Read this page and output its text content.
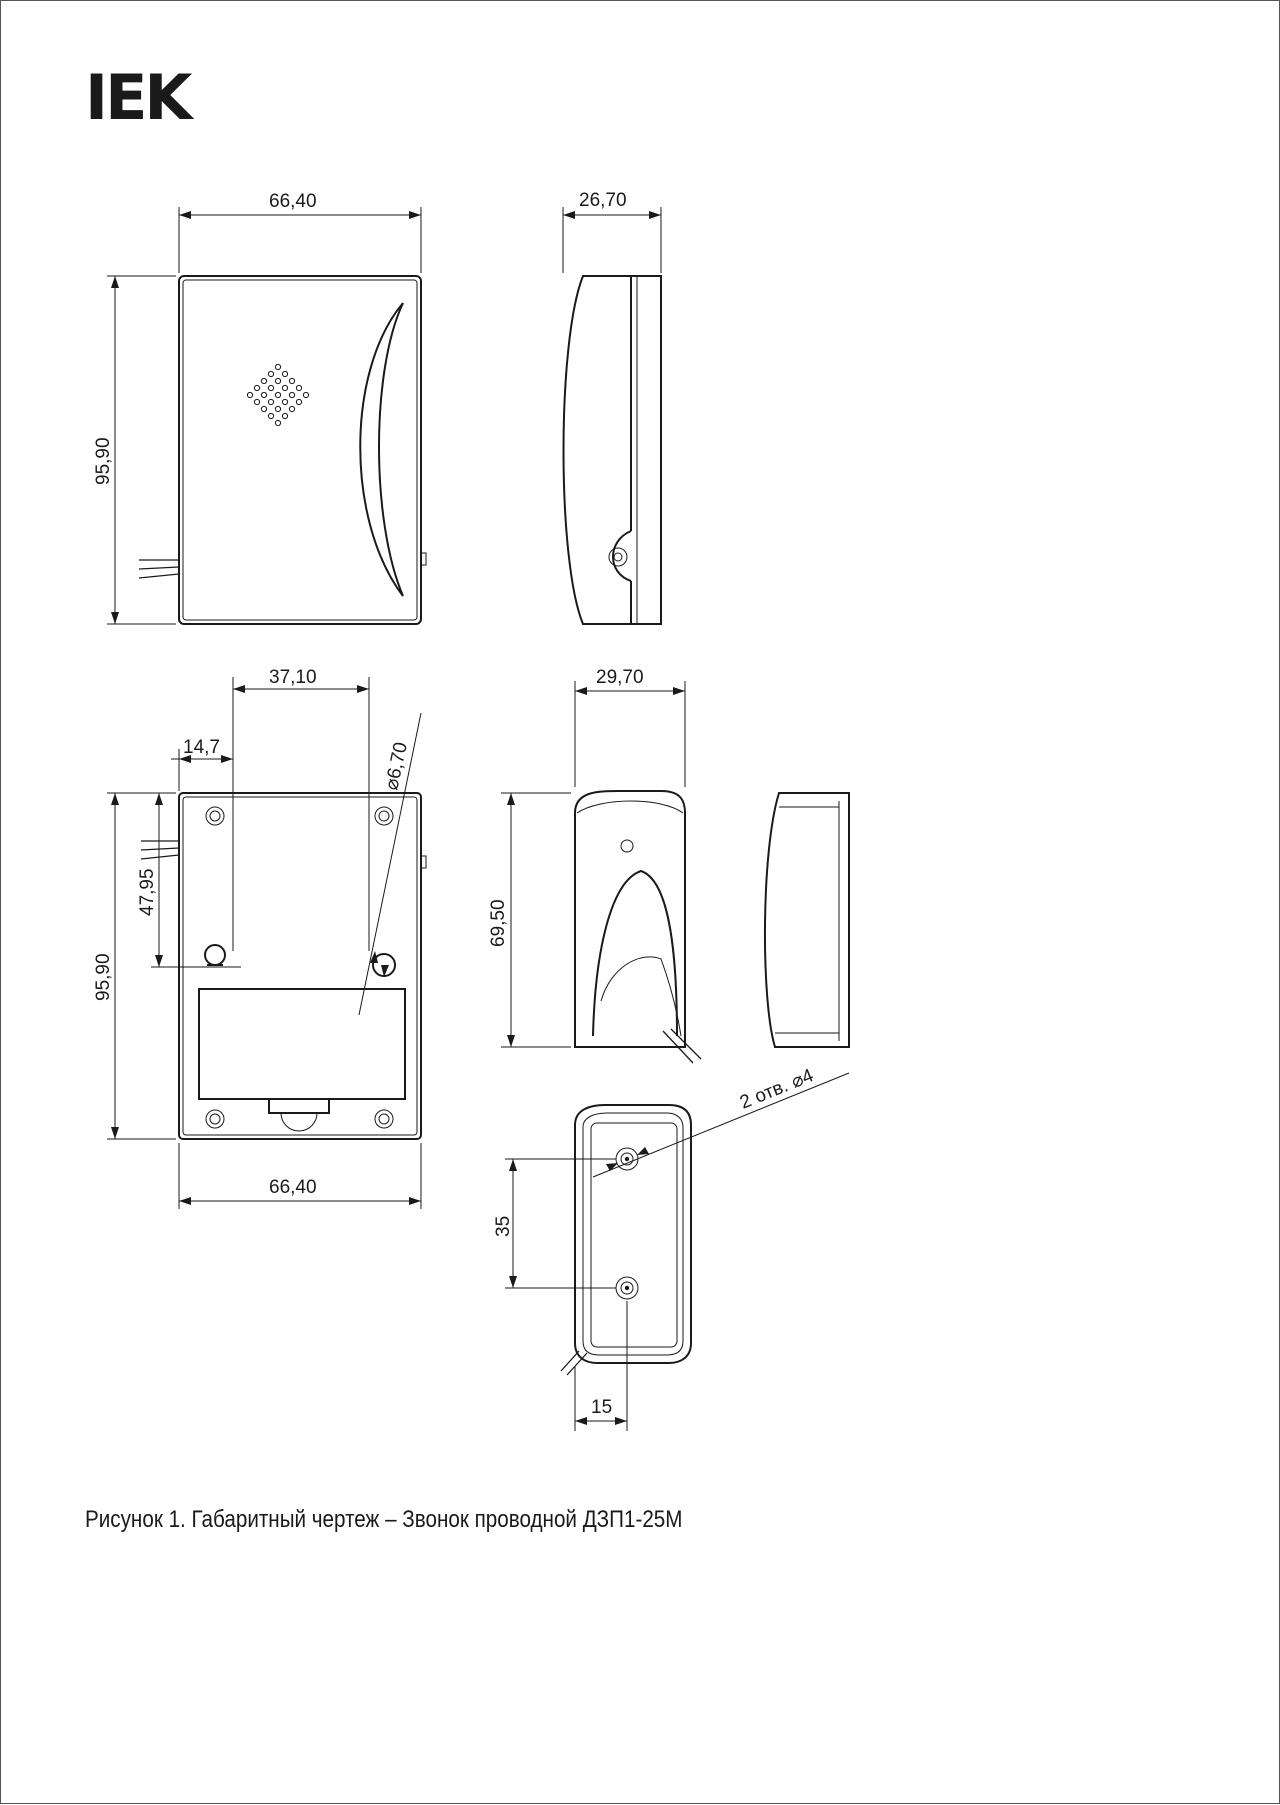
IEK
66,40
95,90
26,70
37,10
14,7	⌀6,70
47,95
95,90
66,40
29,70
69,50
2 отв. ⌀4
35
15
Рисунок 1. Габаритный чертеж – Звонок проводной ДЗП1-25М
